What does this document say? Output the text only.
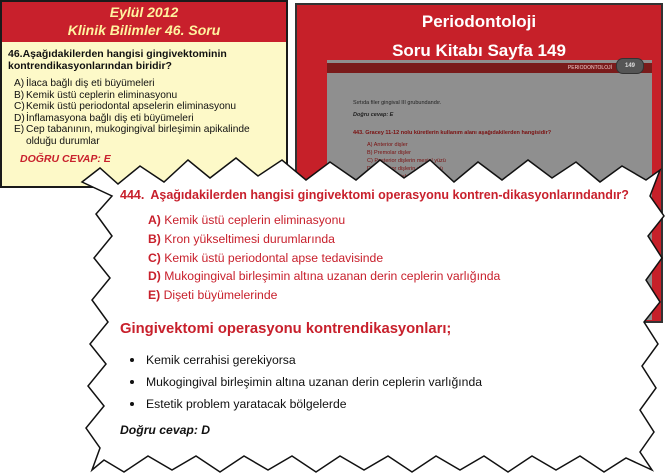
Eylül 2012
Klinik Bilimler 46. Soru
46.Aşağıdakilerden hangisi gingivektominin kontrendikasyonlarından biridir?
A) İlaca bağlı diş eti büyümeleri
B) Kemik üstü ceplerin eliminasyonu
C) Kemik üstü periodontal apselerin eliminasyonu
D) İnflamasyona bağlı diş eti büyümeleri
E) Cep tabanının, mukogingival birleşimin apikalinde olduğu durumlar
DOĞRU CEVAP: E
Periodontoloji
Soru Kitabı Sayfa 149
PERIODONTOLOJİ	149
Sırtıda filer gingival III grubundandır.
Doğru cevap: E
443. Gracey 11-12 nolu küretlerin kullanım alanı aşağıdakilerden hangisidir?
A) Anterior dişler
B) Premolar dişler
C) Posterior dişlerin mesial yüzü
D) Posterior dişlerin distal yüzü
444. Aşağıdakilerden hangisi gingivektomi operasyonu kontren-dikasyonlarındandır?
A) Kemik üstü ceplerin eliminasyonu
B) Kron yükseltimesi durumlarında
C) Kemik üstü periodontal apse tedavisinde
D) Mukogingival birleşimin altına uzanan derin ceplerin varlığında
E) Dişeti büyümelerinde
Gingivektomi operasyonu kontrendikasyonları;
Kemik cerrahisi gerekiyorsa
Mukogingival birleşimin altına uzanan derin ceplerin varlığında
Estetik problem yaratacak bölgelerde
Doğru cevap: D
